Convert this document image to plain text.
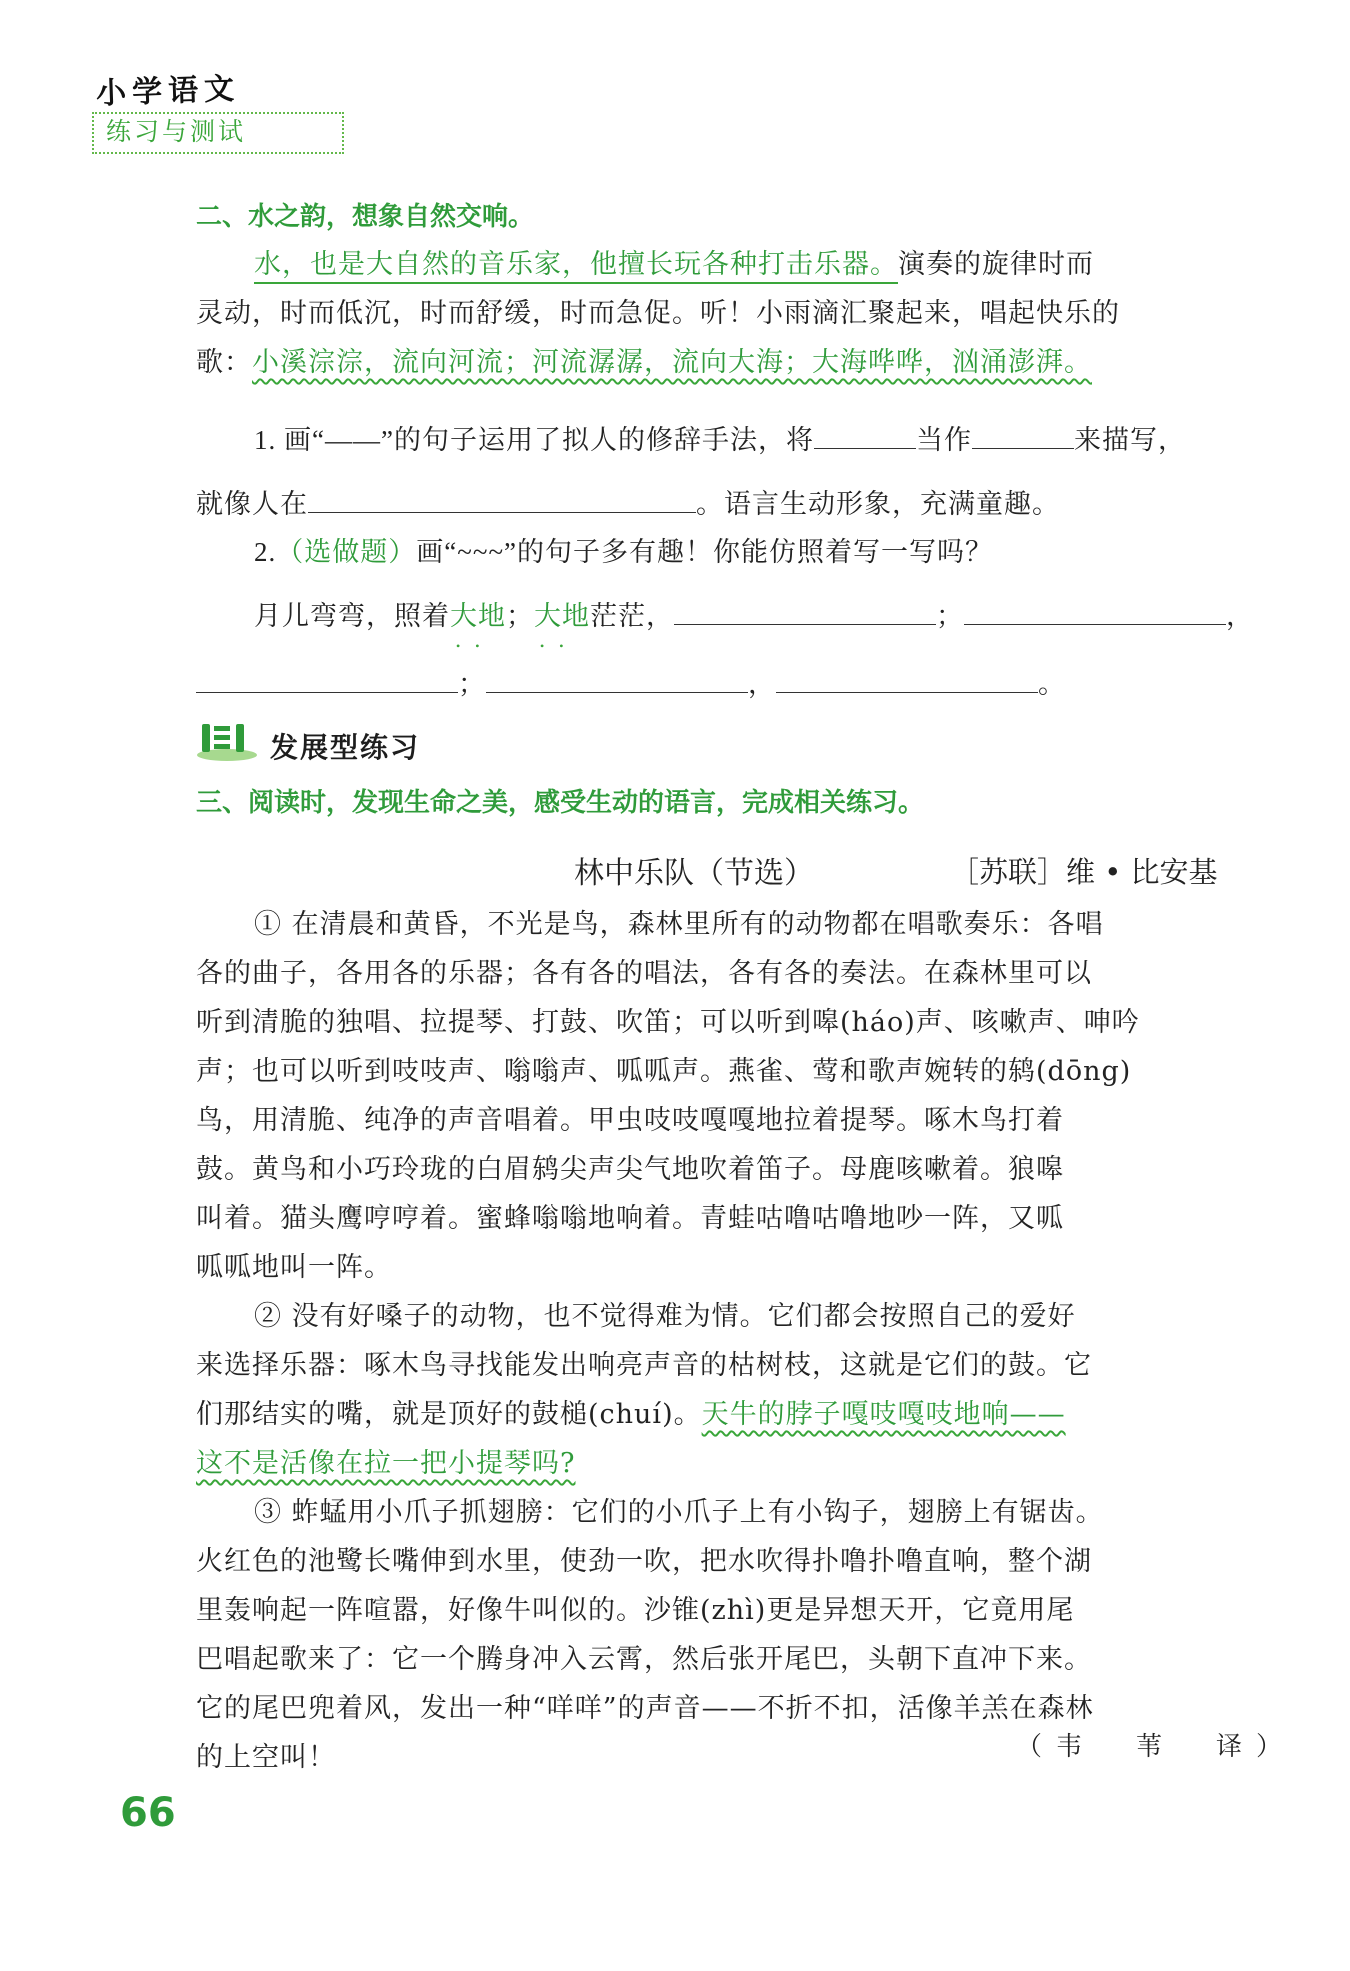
小学语文
练习与测试
二、水之韵，想象自然交响。

水，也是大自然的音乐家，他擅长玩各种打击乐器。演奏的旋律时而

灵动，时而低沉，时而舒缓，时而急促。听！小雨滴汇聚起来，唱起快乐的

歌：小溪淙淙，流向河流；河流潺潺，流向大海；大海哗哗，汹涌澎湃。

1. 画“——”的句子运用了拟人的修辞手法，将	当作	来描写，

就像人在	。语言生动形象，充满童趣。

2.（选做题）画“~~~”的句子多有趣！你能仿照着写一写吗？

月儿弯弯，照着大地 • •；大地 • •茫茫，	；	，

；	，	。

发展型练习
三、阅读时，发现生命之美，感受生动的语言，完成相关练习。
林中乐队（节选）	［苏联］维 • 比安基

① 在清晨和黄昏，不光是鸟，森林里所有的动物都在唱歌奏乐：各唱

各的曲子，各用各的乐器；各有各的唱法，各有各的奏法。在森林里可以

听到清脆的独唱、拉提琴、打鼓、吹笛；可以听到嗥(háo)声、咳嗽声、呻吟

声；也可以听到吱吱声、嗡嗡声、呱呱声。燕雀、莺和歌声婉转的鸫(dōng)

鸟，用清脆、纯净的声音唱着。甲虫吱吱嘎嘎地拉着提琴。啄木鸟打着

鼓。黄鸟和小巧玲珑的白眉鸫尖声尖气地吹着笛子。母鹿咳嗽着。狼嗥

叫着。猫头鹰哼哼着。蜜蜂嗡嗡地响着。青蛙咕噜咕噜地吵一阵，又呱

呱呱地叫一阵。

② 没有好嗓子的动物，也不觉得难为情。它们都会按照自己的爱好

来选择乐器：啄木鸟寻找能发出响亮声音的枯树枝，这就是它们的鼓。它

们那结实的嘴，就是顶好的鼓槌(chuí)。天牛的脖子嘎吱嘎吱地响——

这不是活像在拉一把小提琴吗?

③ 蚱蜢用小爪子抓翅膀：它们的小爪子上有小钩子，翅膀上有锯齿。

火红色的池鹭长嘴伸到水里，使劲一吹，把水吹得扑噜扑噜直响，整个湖

里轰响起一阵喧嚣，好像牛叫似的。沙锥(zhì)更是异想天开，它竟用尾

巴唱起歌来了：它一个腾身冲入云霄，然后张开尾巴，头朝下直冲下来。

它的尾巴兜着风，发出一种“咩咩”的声音——不折不扣，活像羊羔在森林

的上空叫！	（韦　苇　译）
66
